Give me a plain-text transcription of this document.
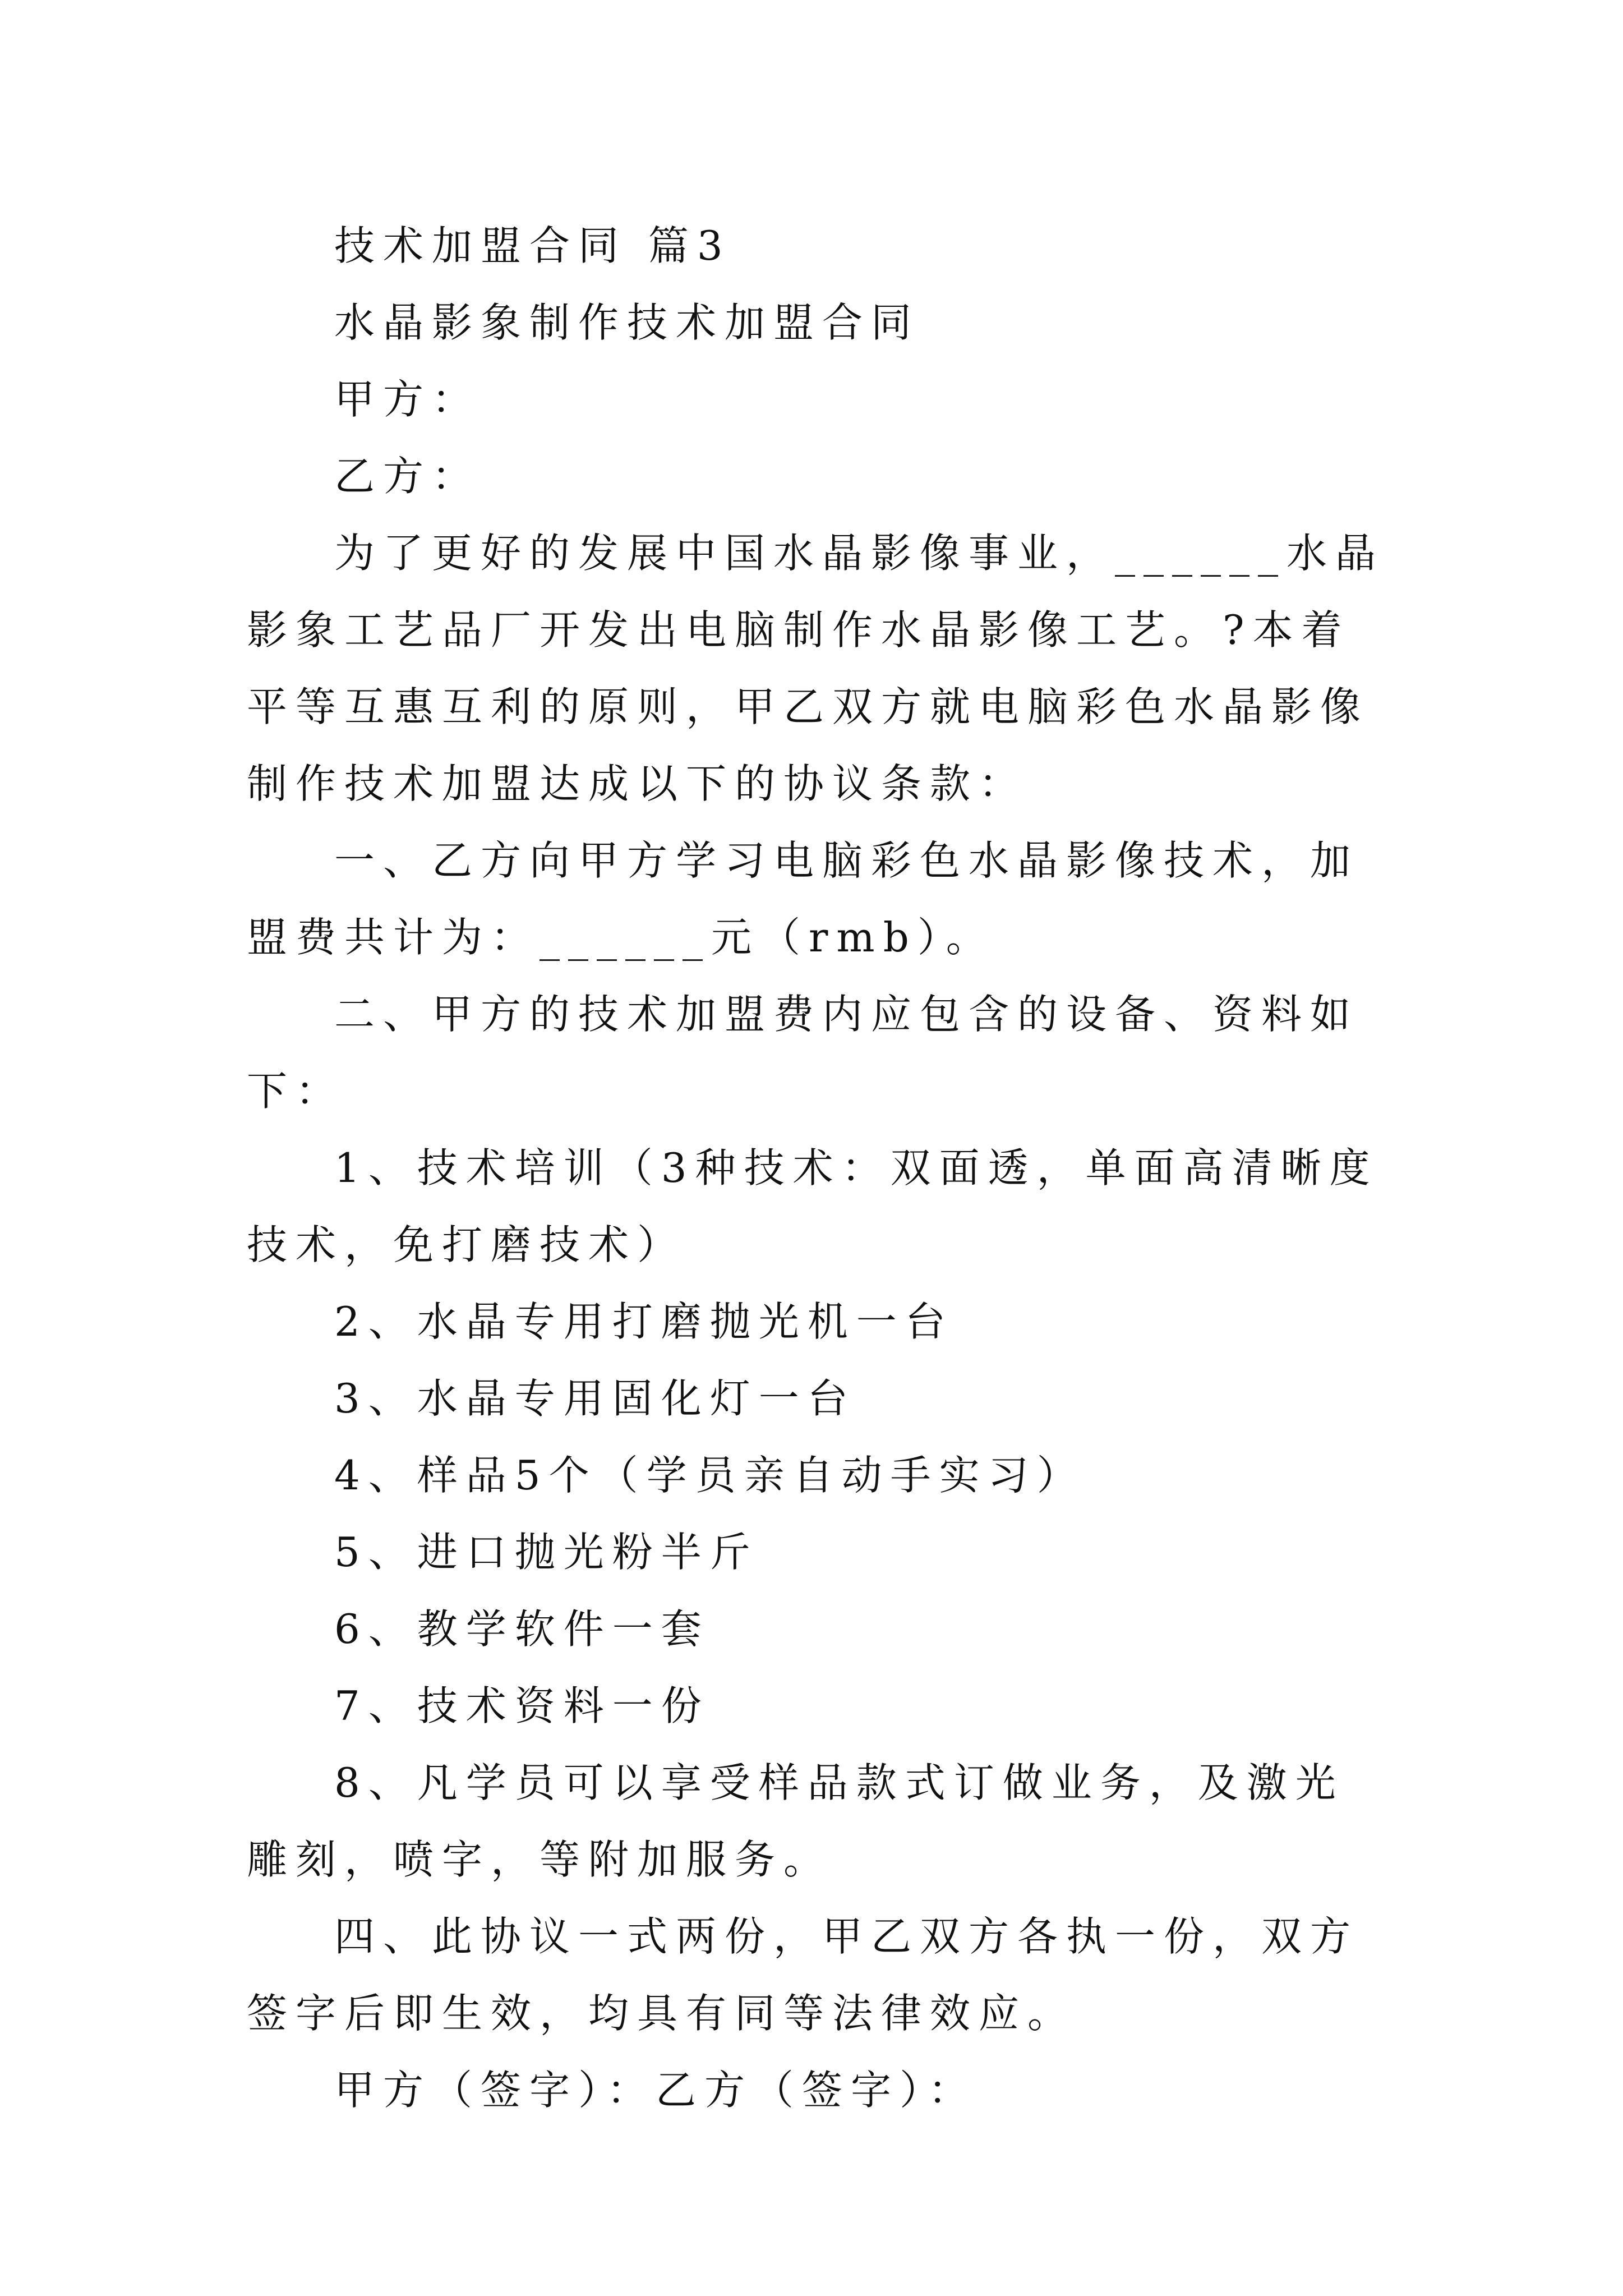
技术加盟合同 篇3

水晶影象制作技术加盟合同

甲方：

乙方：

为了更好的发展中国水晶影像事业，______水晶影象工艺品厂开发出电脑制作水晶影像工艺。?本着平等互惠互利的原则，甲乙双方就电脑彩色水晶影像制作技术加盟达成以下的协议条款：

一、乙方向甲方学习电脑彩色水晶影像技术，加盟费共计为：______元（rmb）。

二、甲方的技术加盟费内应包含的设备、资料如下：

1、技术培训（3种技术：双面透，单面高清晰度技术，免打磨技术）

2、水晶专用打磨抛光机一台

3、水晶专用固化灯一台

4、样品5个（学员亲自动手实习）

5、进口抛光粉半斤

6、教学软件一套

7、技术资料一份

8、凡学员可以享受样品款式订做业务，及激光雕刻，喷字，等附加服务。

四、此协议一式两份，甲乙双方各执一份，双方签字后即生效，均具有同等法律效应。

甲方（签字）：乙方（签字）：
